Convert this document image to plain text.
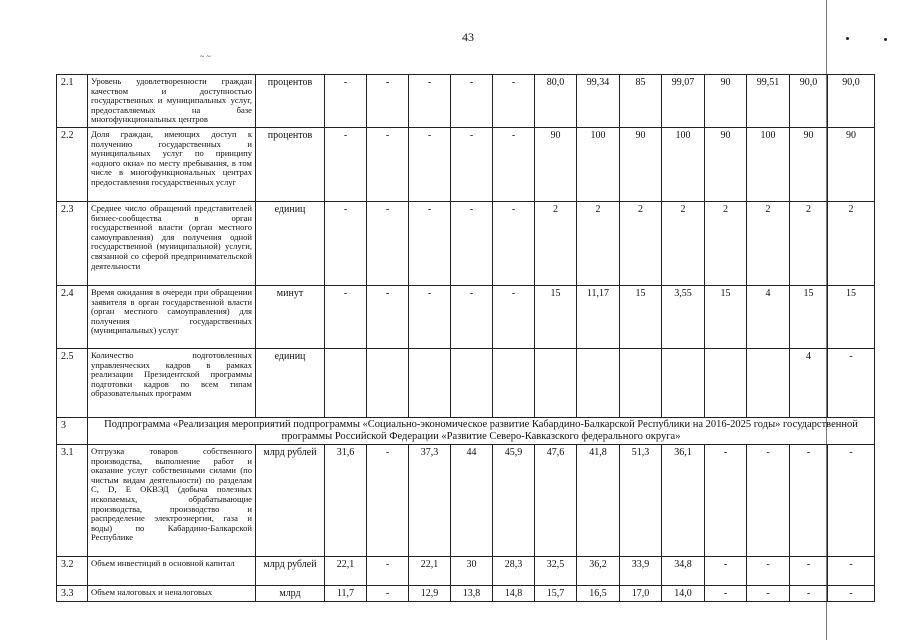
43
~ ~
2.1	Уровень удовлетворенности граждан качеством и доступностью государственных и муниципальных услуг, предоставляемых на базе многофункциональных центров	процентов	-	-	-	-	-	80,0	99,34	85	99,07	90	99,51	90,0	90,0
2.2	Доля граждан, имеющих доступ к получению государственных и муниципальных услуг по принципу «одного окна» по месту пребывания, в том числе в многофункциональных центрах предоставления государственных услуг	процентов	-	-	-	-	-	90	100	90	100	90	100	90	90
2.3	Среднее число обращений представителей бизнес-сообщества в орган государственной власти (орган местного самоуправления) для получения одной государственной (муниципальной) услуги, связанной со сферой предпринимательской деятельности	единиц	-	-	-	-	-	2	2	2	2	2	2	2	2
2.4	Время ожидания в очереди при обращении заявителя в орган государственной власти (орган местного самоуправления) для получения государственных (муниципальных) услуг	минут	-	-	-	-	-	15	11,17	15	3,55	15	4	15	15
2.5	Количество подготовленных управленческих кадров в рамках реализации Президентской программы подготовки кадров по всем типам образовательных программ	единиц												4	-
3	Подпрограмма «Реализация мероприятий подпрограммы «Социально-экономическое развитие Кабардино-Балкарской Республики на 2016-2025 годы» государственной программы Российской Федерации «Развитие Северо-Кавказского федерального округа»														
3.1	Отгрузка товаров собственного производства, выполнение работ и оказание услуг собственными силами (по чистым видам деятельности) по разделам C, D, E ОКВЭД (добыча полезных ископаемых, обрабатывающие производства, производство и распределение электроэнергии, газа и воды) по Кабардино-Балкарской Республике	млрд рублей	31,6	-	37,3	44	45,9	47,6	41,8	51,3	36,1	-	-	-	-
3.2	Объем инвестиций в основной капитал	млрд рублей	22,1	-	22,1	30	28,3	32,5	36,2	33,9	34,8	-	-	-	-
3.3	Объем налоговых и неналоговых	млрд	11,7	-	12,9	13,8	14,8	15,7	16,5	17,0	14,0	-	-	-	-
